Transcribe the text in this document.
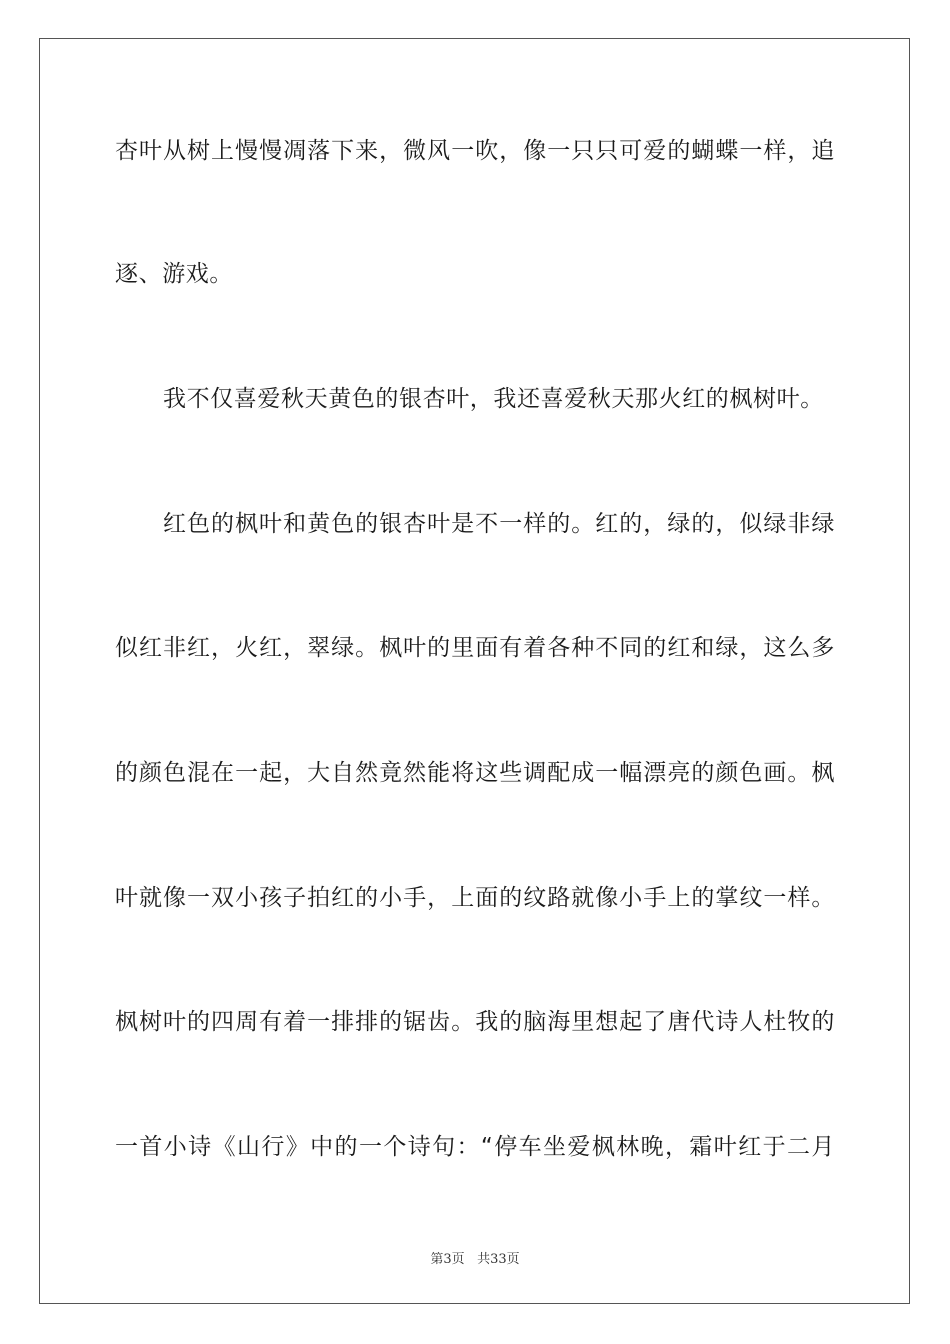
杏叶从树上慢慢凋落下来，微风一吹，像一只只可爱的蝴蝶一样，追

逐、游戏。

我不仅喜爱秋天黄色的银杏叶，我还喜爱秋天那火红的枫树叶。

红色的枫叶和黄色的银杏叶是不一样的。红的，绿的，似绿非绿

似红非红，火红，翠绿。枫叶的里面有着各种不同的红和绿，这么多

的颜色混在一起，大自然竟然能将这些调配成一幅漂亮的颜色画。枫

叶就像一双小孩子拍红的小手，上面的纹路就像小手上的掌纹一样。

枫树叶的四周有着一排排的锯齿。我的脑海里想起了唐代诗人杜牧的

一首小诗《山行》中的一个诗句：“停车坐爱枫林晚，霜叶红于二月

第3页 共33页
